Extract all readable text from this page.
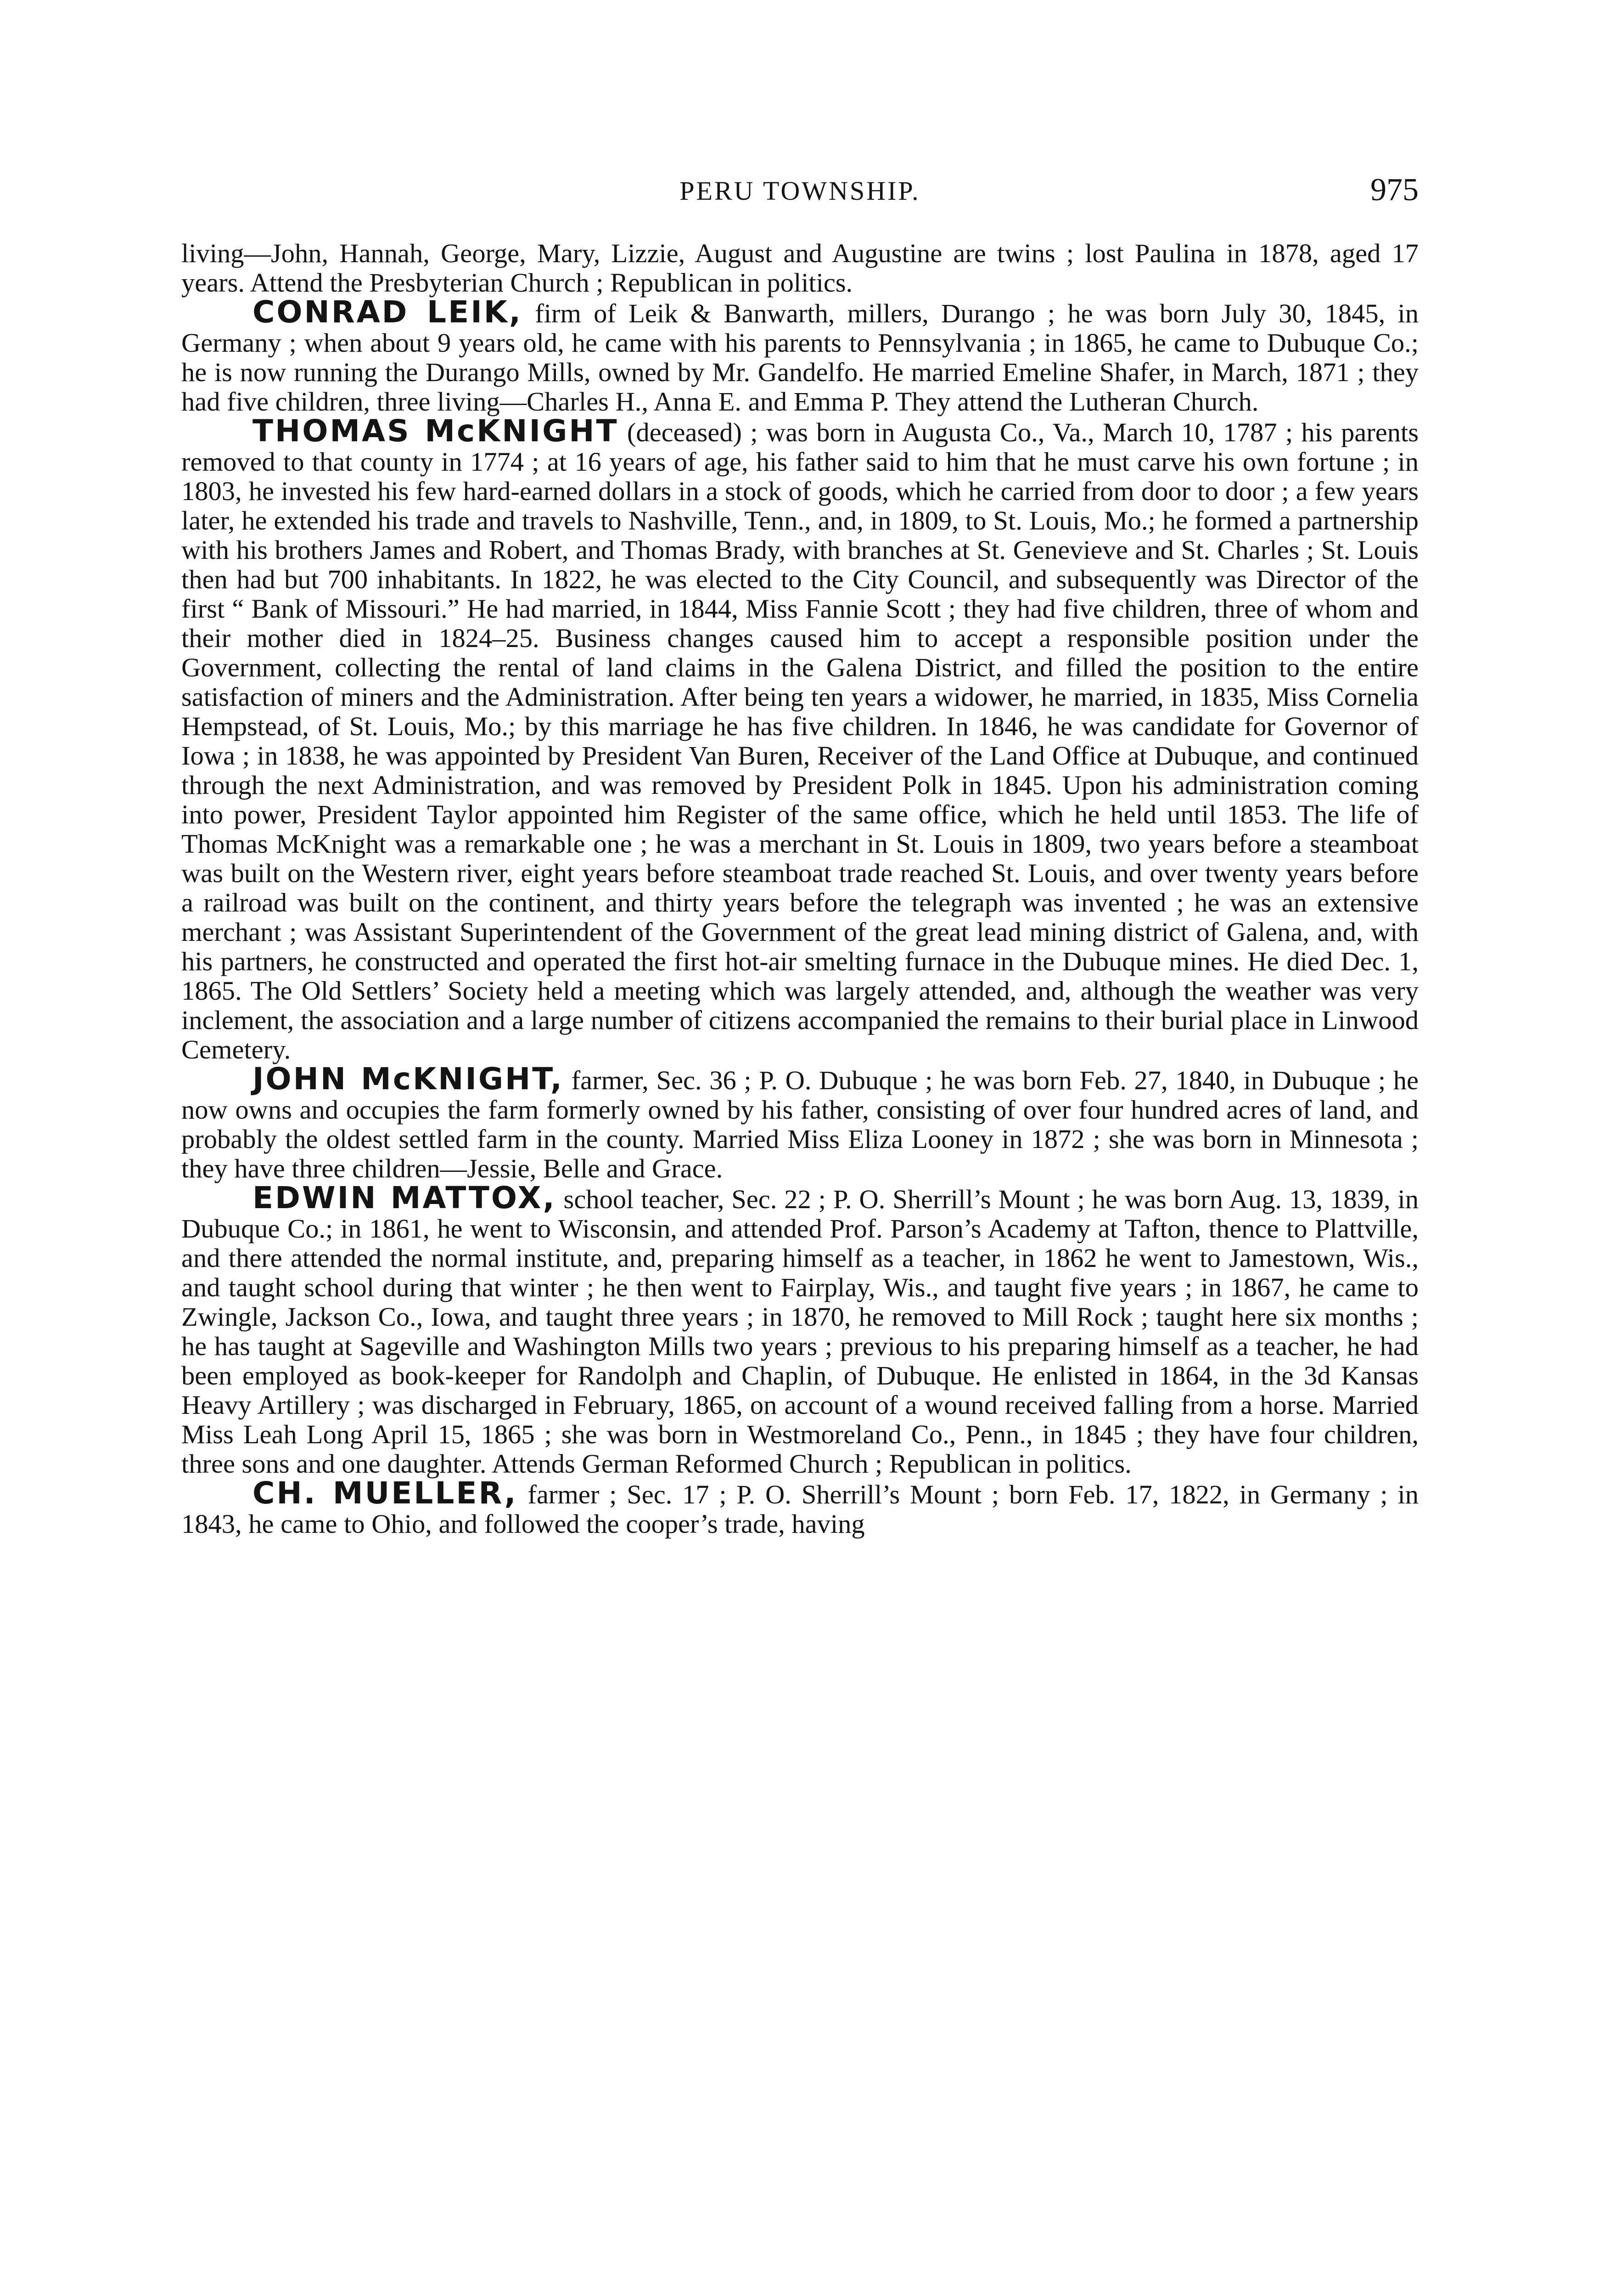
PERU TOWNSHIP.	975

living—John, Hannah, George, Mary, Lizzie, August and Augustine are twins ; lost Paulina in 1878, aged 17 years. Attend the Presbyterian Church ; Republican in politics.

CONRAD LEIK, firm of Leik & Banwarth, millers, Durango ; he was born July 30, 1845, in Germany ; when about 9 years old, he came with his parents to Pennsylvania ; in 1865, he came to Dubuque Co.; he is now running the Durango Mills, owned by Mr. Gandelfo. He married Emeline Shafer, in March, 1871 ; they had five children, three living—Charles H., Anna E. and Emma P. They attend the Lutheran Church.

THOMAS McKNIGHT (deceased) ; was born in Augusta Co., Va., March 10, 1787 ; his parents removed to that county in 1774 ; at 16 years of age, his father said to him that he must carve his own fortune ; in 1803, he invested his few hard-earned dollars in a stock of goods, which he carried from door to door ; a few years later, he extended his trade and travels to Nashville, Tenn., and, in 1809, to St. Louis, Mo.; he formed a partnership with his brothers James and Robert, and Thomas Brady, with branches at St. Genevieve and St. Charles ; St. Louis then had but 700 inhabitants. In 1822, he was elected to the City Council, and subsequently was Director of the first “ Bank of Missouri.” He had married, in 1844, Miss Fannie Scott ; they had five children, three of whom and their mother died in 1824–25. Business changes caused him to accept a responsible position under the Government, collecting the rental of land claims in the Galena District, and filled the position to the entire satisfaction of miners and the Administration. After being ten years a widower, he married, in 1835, Miss Cornelia Hempstead, of St. Louis, Mo.; by this marriage he has five children. In 1846, he was candidate for Governor of Iowa ; in 1838, he was appointed by President Van Buren, Receiver of the Land Office at Dubuque, and continued through the next Administration, and was removed by President Polk in 1845. Upon his administration coming into power, President Taylor appointed him Register of the same office, which he held until 1853. The life of Thomas McKnight was a remarkable one ; he was a merchant in St. Louis in 1809, two years before a steamboat was built on the Western river, eight years before steamboat trade reached St. Louis, and over twenty years before a railroad was built on the continent, and thirty years before the telegraph was invented ; he was an extensive merchant ; was Assistant Superintendent of the Government of the great lead mining district of Galena, and, with his partners, he constructed and operated the first hot-air smelting furnace in the Dubuque mines. He died Dec. 1, 1865. The Old Settlers’ Society held a meeting which was largely attended, and, although the weather was very inclement, the association and a large number of citizens accompanied the remains to their burial place in Linwood Cemetery.

JOHN McKNIGHT, farmer, Sec. 36 ; P. O. Dubuque ; he was born Feb. 27, 1840, in Dubuque ; he now owns and occupies the farm formerly owned by his father, consisting of over four hundred acres of land, and probably the oldest settled farm in the county. Married Miss Eliza Looney in 1872 ; she was born in Minnesota ; they have three children—Jessie, Belle and Grace.

EDWIN MATTOX, school teacher, Sec. 22 ; P. O. Sherrill’s Mount ; he was born Aug. 13, 1839, in Dubuque Co.; in 1861, he went to Wisconsin, and attended Prof. Parson’s Academy at Tafton, thence to Plattville, and there attended the normal institute, and, preparing himself as a teacher, in 1862 he went to Jamestown, Wis., and taught school during that winter ; he then went to Fairplay, Wis., and taught five years ; in 1867, he came to Zwingle, Jackson Co., Iowa, and taught three years ; in 1870, he removed to Mill Rock ; taught here six months ; he has taught at Sageville and Washington Mills two years ; previous to his preparing himself as a teacher, he had been employed as book-keeper for Randolph and Chaplin, of Dubuque. He enlisted in 1864, in the 3d Kansas Heavy Artillery ; was discharged in February, 1865, on account of a wound received falling from a horse. Married Miss Leah Long April 15, 1865 ; she was born in Westmoreland Co., Penn., in 1845 ; they have four children, three sons and one daughter. Attends German Reformed Church ; Republican in politics.

CH. MUELLER, farmer ; Sec. 17 ; P. O. Sherrill’s Mount ; born Feb. 17, 1822, in Germany ; in 1843, he came to Ohio, and followed the cooper’s trade, having
